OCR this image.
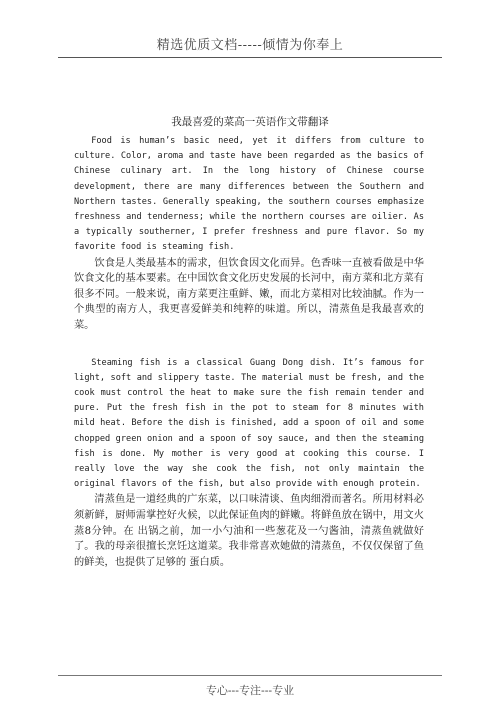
精选优质文档-----倾情为你奉上
我最喜爱的菜高一英语作文带翻译

Food is human’s basic need, yet it differs from culture to culture. Color, aroma and taste have been regarded as the basics of Chinese culinary art. In the long history of Chinese course development, there are many differences between the Southern and Northern tastes. Generally speaking, the southern courses emphasize freshness and tenderness; while the northern courses are oilier. As a typically southerner, I prefer freshness and pure flavor. So my favorite food is steaming fish.

饮食是人类最基本的需求，但饮食因文化而异。色香味一直被看做是中华饮食文化的基本要素。在中国饮食文化历史发展的长河中，南方菜和北方菜有很多不同。一般来说，南方菜更注重鲜、嫩，而北方菜相对比较油腻。作为一个典型的南方人，我更喜爱鲜美和纯粹的味道。所以，清蒸鱼是我最喜欢的菜。

Steaming fish is a classical Guang Dong dish. It’s famous for light, soft and slippery taste. The material must be fresh, and the cook must control the heat to make sure the fish remain tender and pure. Put the fresh fish in the pot to steam for 8 minutes with mild heat. Before the dish is finished, add a spoon of oil and some chopped green onion and a spoon of soy sauce, and then the steaming fish is done. My mother is very good at cooking this course. I really love the way she cook the fish, not only maintain the original flavors of the fish, but also provide with enough protein.

清蒸鱼是一道经典的广东菜，以口味清谈、鱼肉细滑而著名。所用材料必须新鲜，厨师需掌控好火候，以此保证鱼肉的鲜嫩。将鲜鱼放在锅中，用文火蒸8分钟。在 出锅之前，加一小勺油和一些葱花及一勺酱油，清蒸鱼就做好了。我的母亲很擅长烹饪这道菜。我非常喜欢她做的清蒸鱼，不仅仅保留了鱼的鲜美，也提供了足够的 蛋白质。

专心---专注---专业
